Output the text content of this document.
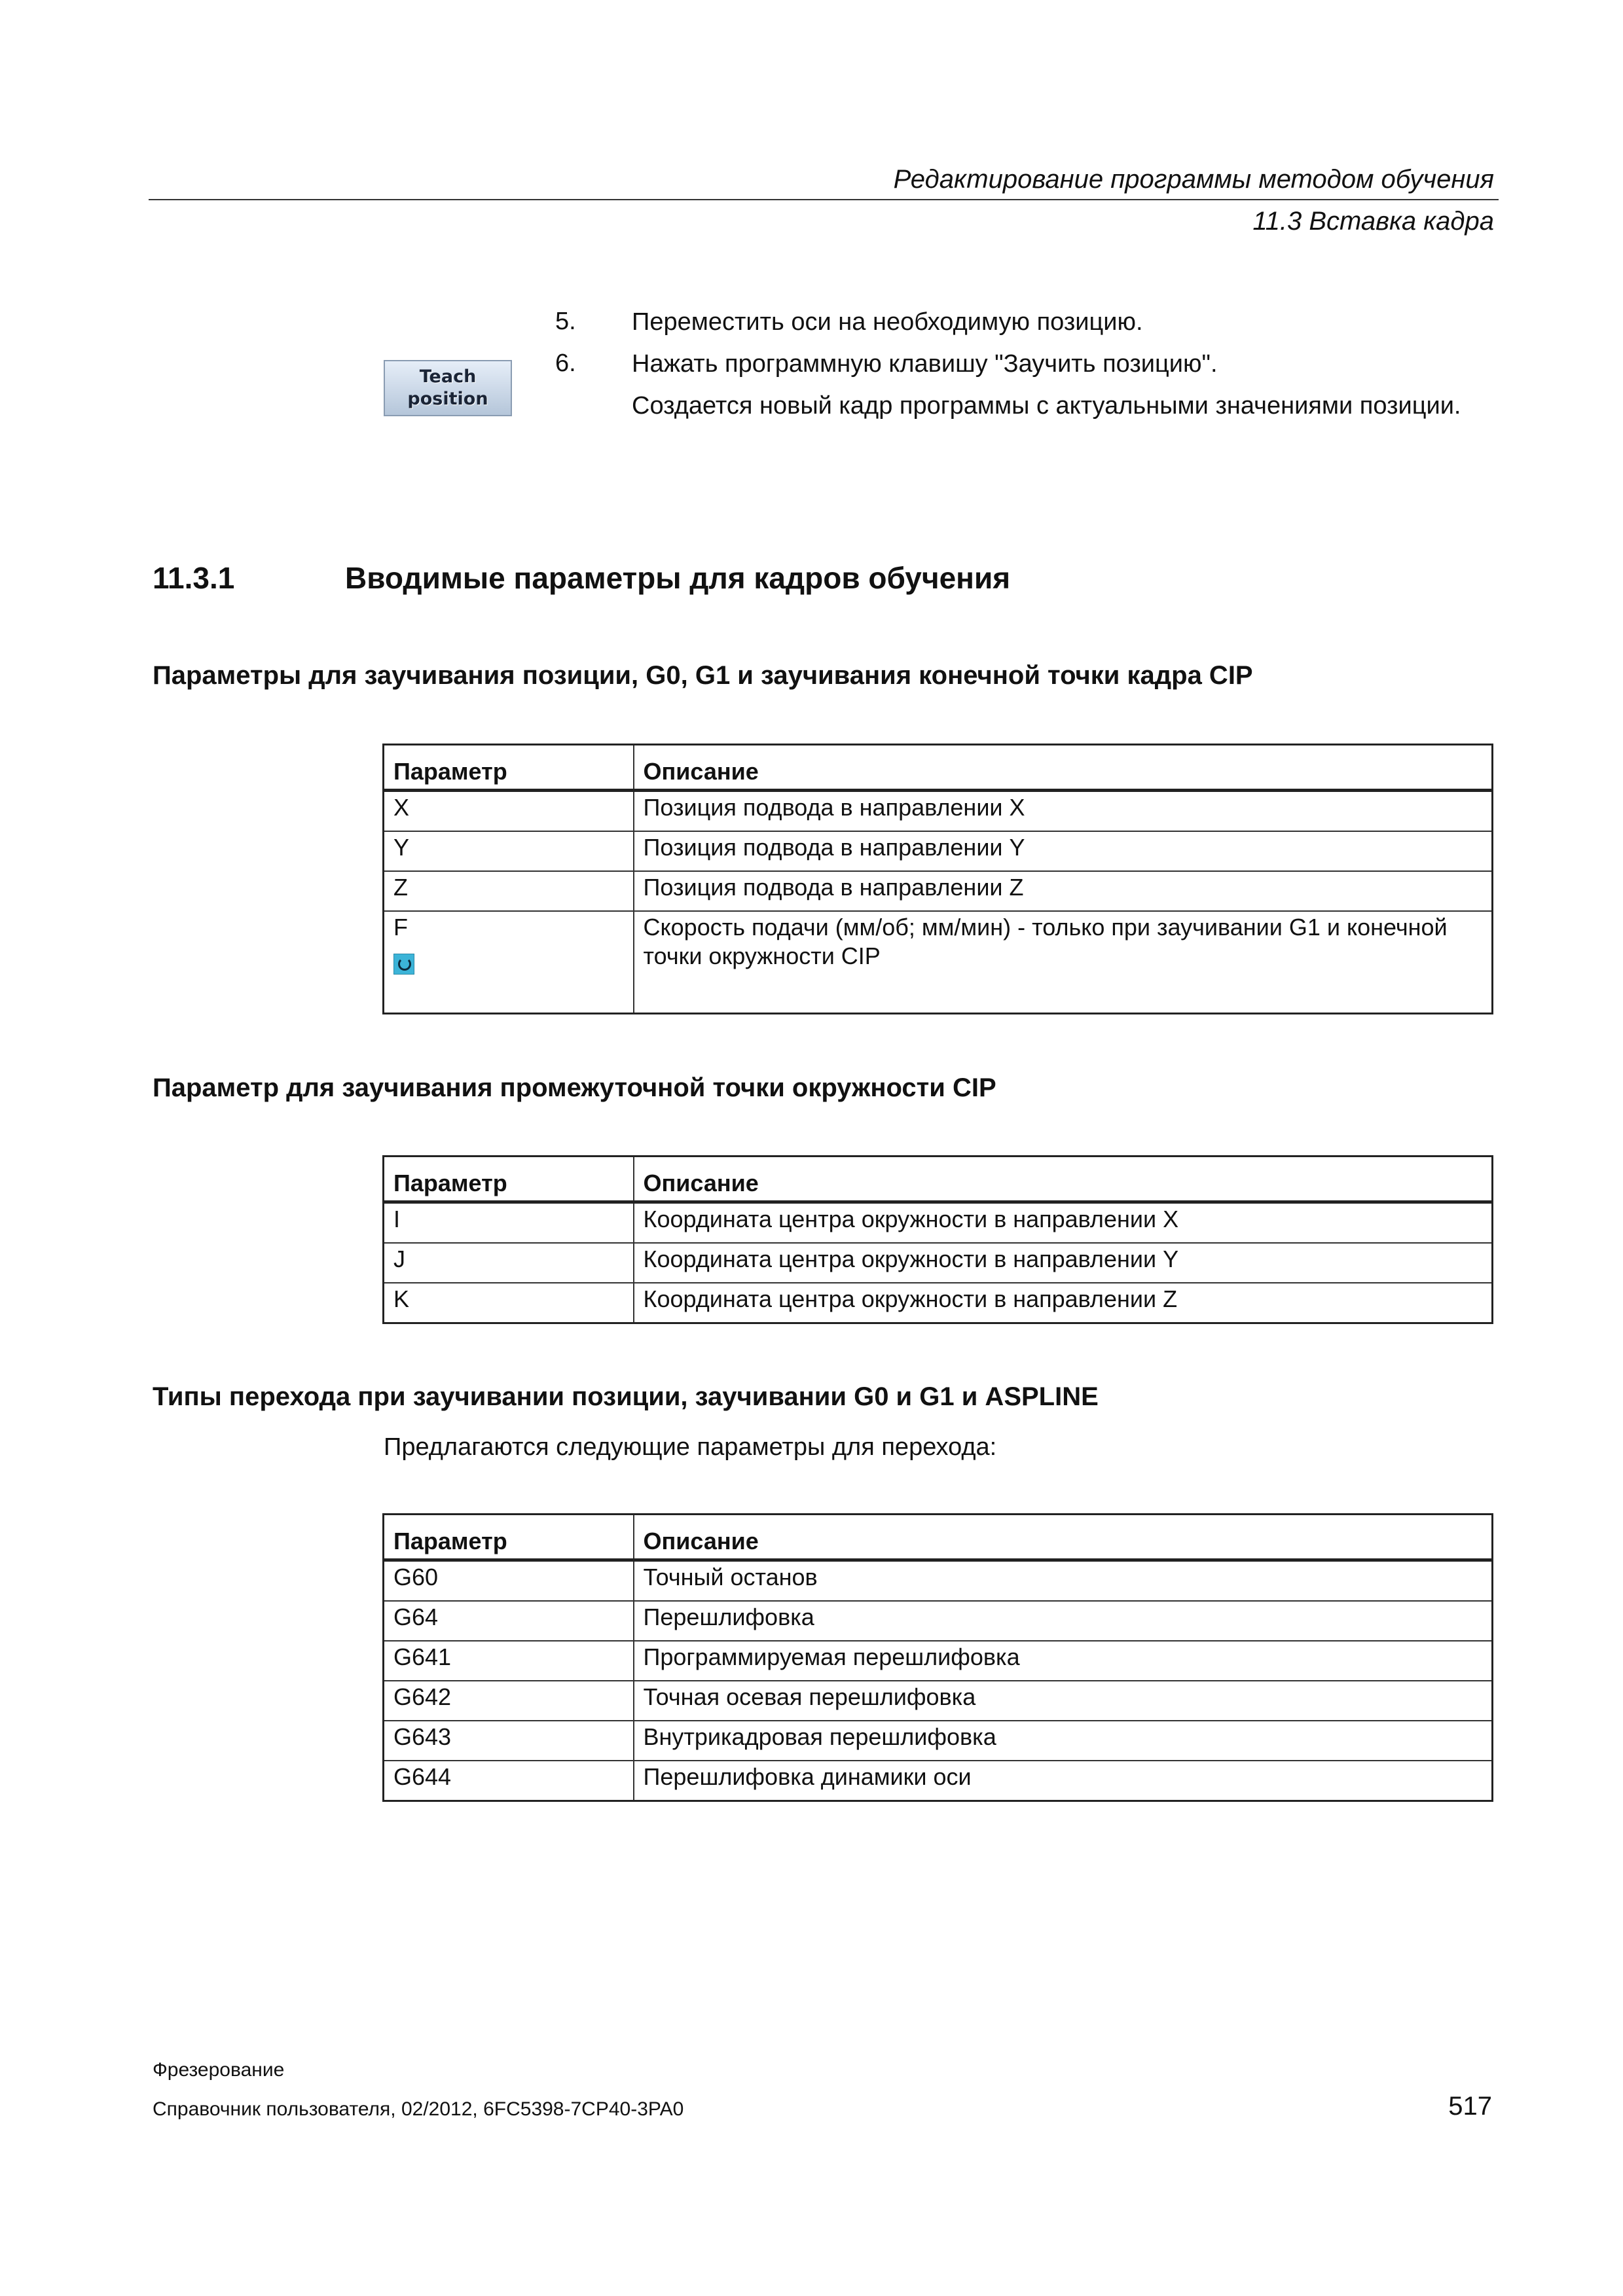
Редактирование программы методом обучения
11.3 Вставка кадра
5. Переместить оси на необходимую позицию.
6. Нажать программную клавишу "Заучить позицию".
Создается новый кадр программы с актуальными значениями позиции.
Teach
position
11.3.1	Вводимые параметры для кадров обучения
Параметры для заучивания позиции, G0, G1 и заучивания конечной точки кадра CIP
Параметр	Описание
X	Позиция подвода в направлении X
Y	Позиция подвода в направлении Y
Z	Позиция подвода в направлении Z

F	Скорость подачи (мм/об; мм/мин) - только при заучивании G1 и конечной точки окружности CIP
Параметр для заучивания промежуточной точки окружности CIP
Параметр	Описание
I	Координата центра окружности в направлении X
J	Координата центра окружности в направлении Y
K	Координата центра окружности в направлении Z
Типы перехода при заучивании позиции, заучивании G0 и G1 и ASPLINE
Предлагаются следующие параметры для перехода:
Параметр	Описание
G60	Точный останов
G64	Перешлифовка
G641	Программируемая перешлифовка
G642	Точная осевая перешлифовка
G643	Внутрикадровая перешлифовка
G644	Перешлифовка динамики оси
Фрезерование
Справочник пользователя, 02/2012, 6FC5398-7CP40-3PA0	517
